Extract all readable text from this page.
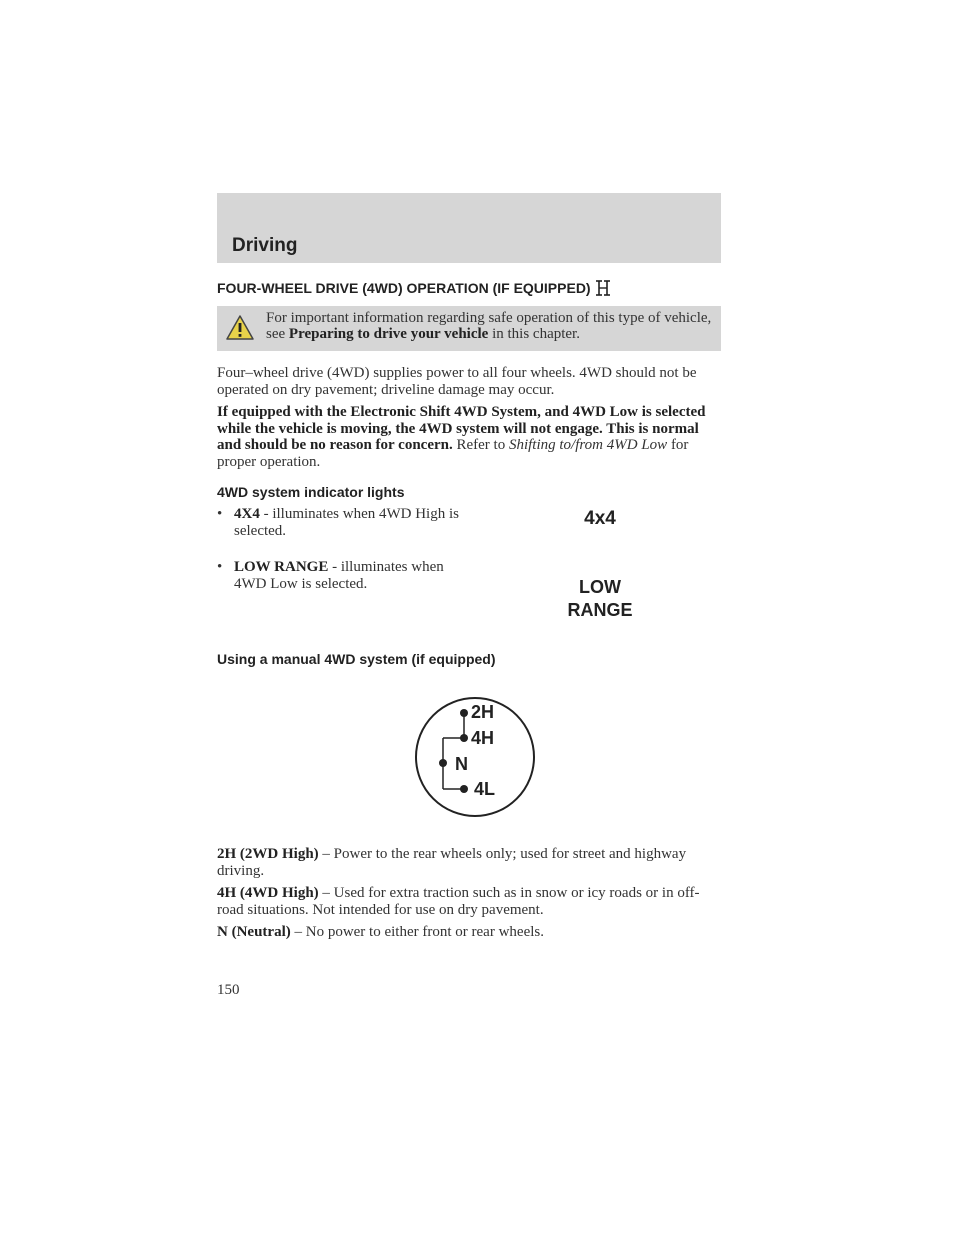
Driving
FOUR-WHEEL DRIVE (4WD) OPERATION (IF EQUIPPED)
For important information regarding safe operation of this type of vehicle, see Preparing to drive your vehicle in this chapter.
Four–wheel drive (4WD) supplies power to all four wheels. 4WD should not be operated on dry pavement; driveline damage may occur.
If equipped with the Electronic Shift 4WD System, and 4WD Low is selected while the vehicle is moving, the 4WD system will not engage. This is normal and should be no reason for concern. Refer to Shifting to/from 4WD Low for proper operation.
4WD system indicator lights
• 4X4 - illuminates when 4WD High is selected.
4x4
• LOW RANGE - illuminates when 4WD Low is selected.	LOW
RANGE
Using a manual 4WD system (if equipped)
2H
4H
N
4L
2H (2WD High) – Power to the rear wheels only; used for street and highway driving.
4H (4WD High) – Used for extra traction such as in snow or icy roads or in off-road situations. Not intended for use on dry pavement.
N (Neutral) – No power to either front or rear wheels.
150
